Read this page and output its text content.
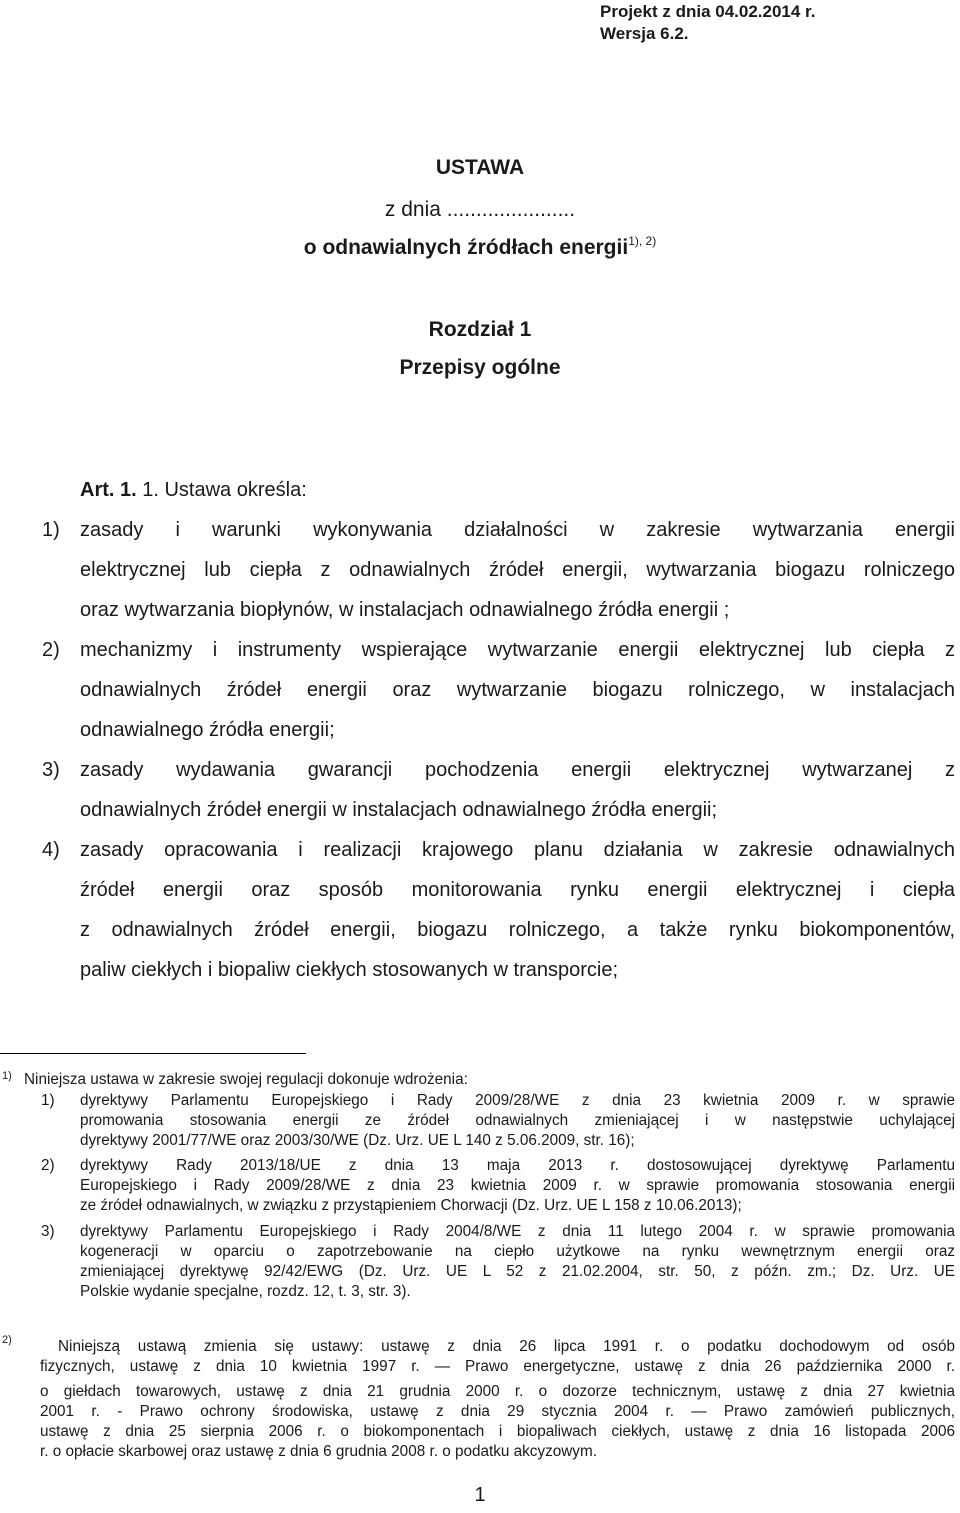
Projekt z dnia 04.02.2014 r.
Wersja 6.2.
USTAWA
z dnia ......................
o odnawialnych źródłach energii$^{1), 2)}$
Rozdział 1
Przepisy ogólne
Art. 1. 1. Ustawa określa:
1) zasady i warunki wykonywania działalności w zakresie wytwarzania energii
elektrycznej lub ciepła z odnawialnych źródeł energii, wytwarzania biogazu rolniczego
oraz wytwarzania biopłynów, w instalacjach odnawialnego źródła energii ;
2) mechanizmy i instrumenty wspierające wytwarzanie energii elektrycznej lub ciepła z
odnawialnych źródeł energii oraz wytwarzanie biogazu rolniczego, w instalacjach
odnawialnego źródła energii;
3) zasady wydawania gwarancji pochodzenia energii elektrycznej wytwarzanej z
odnawialnych źródeł energii w instalacjach odnawialnego źródła energii;
4) zasady opracowania i realizacji krajowego planu działania w zakresie odnawialnych
źródeł energii oraz sposób monitorowania rynku energii elektrycznej i ciepła
z odnawialnych źródeł energii, biogazu rolniczego, a także rynku biokomponentów,
paliw ciekłych i biopaliw ciekłych stosowanych w transporcie;
1) Niniejsza ustawa w zakresie swojej regulacji dokonuje wdrożenia:
1) dyrektywy Parlamentu Europejskiego i Rady 2009/28/WE z dnia 23 kwietnia 2009 r. w sprawie
promowania stosowania energii ze źródeł odnawialnych zmieniającej i w następstwie uchylającej
dyrektywy 2001/77/WE oraz 2003/30/WE (Dz. Urz. UE L 140 z 5.06.2009, str. 16);
2) dyrektywy Rady 2013/18/UE z dnia 13 maja 2013 r. dostosowującej dyrektywę Parlamentu
Europejskiego i Rady 2009/28/WE z dnia 23 kwietnia 2009 r. w sprawie promowania stosowania energii
ze źródeł odnawialnych, w związku z przystąpieniem Chorwacji (Dz. Urz. UE L 158 z 10.06.2013);
3) dyrektywy Parlamentu Europejskiego i Rady 2004/8/WE z dnia 11 lutego 2004 r. w sprawie promowania
kogeneracji w oparciu o zapotrzebowanie na ciepło użytkowe na rynku wewnętrznym energii oraz
zmieniającej dyrektywę 92/42/EWG (Dz. Urz. UE L 52 z 21.02.2004, str. 50, z późn. zm.; Dz. Urz. UE
Polskie wydanie specjalne, rozdz. 12, t. 3, str. 3).
2)	Niniejszą ustawą zmienia się ustawy: ustawę z dnia 26 lipca 1991 r. o podatku dochodowym od osób
fizycznych, ustawę z dnia 10 kwietnia 1997 r. — Prawo energetyczne, ustawę z dnia 26 października 2000 r.
o giełdach towarowych, ustawę z dnia 21 grudnia 2000 r. o dozorze technicznym, ustawę z dnia 27 kwietnia
2001 r. - Prawo ochrony środowiska, ustawę z dnia 29 stycznia 2004 r. — Prawo zamówień publicznych,
ustawę z dnia 25 sierpnia 2006 r. o biokomponentach i biopaliwach ciekłych, ustawę z dnia 16 listopada 2006
r. o opłacie skarbowej oraz ustawę z dnia 6 grudnia 2008 r. o podatku akcyzowym.
1
